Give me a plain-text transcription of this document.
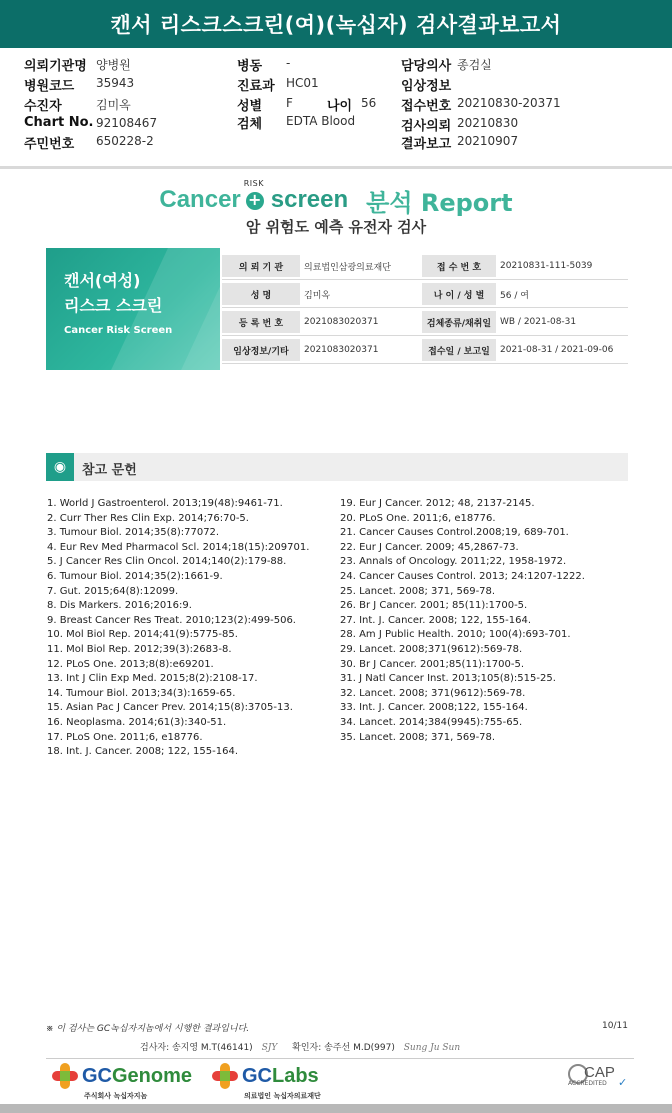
캔서 리스크스크린(여)(녹십자) 검사결과보고서
의뢰기관명 양병원
병원코드 35943
수진자	김미옥
Chart No. 92108467
주민번호 650228-2
병동 -
진료과 HC01
성별 F	나이 56
검체 EDTA Blood
담당의사 종검실
임상정보
접수번호 20210830-20371
검사의뢰 20210830
결과보고 20210907
Cancer
RISK
+ screen 분석 Report
암 위험도 예측 유전자 검사
캔서(여성)
리스크 스크린
Cancer Risk Screen
의 뢰 기 관	의료법인삼광의료재단	접 수 번 호	20210831-111-5039
성 명	김미옥	나 이 / 성 별	56 / 여
등 록 번 호	2021083020371	검체종류/채취일 WB / 2021-08-31
임상정보/기타	2021083020371	접수일 / 보고일	2021-08-31 / 2021-09-06
◉ 참고 문헌
1. World J Gastroenterol. 2013;19(48):9461-71.
2. Curr Ther Res Clin Exp. 2014;76:70-5.
3. Tumour Biol. 2014;35(8):77072.
4. Eur Rev Med Pharmacol Scl. 2014;18(15):209701.
5. J Cancer Res Clin Oncol. 2014;140(2):179-88.
6. Tumour Biol. 2014;35(2):1661-9.
7. Gut. 2015;64(8):12099.
8. Dis Markers. 2016;2016:9.
9. Breast Cancer Res Treat. 2010;123(2):499-506.
10. Mol Biol Rep. 2014;41(9):5775-85.
11. Mol Biol Rep. 2012;39(3):2683-8.
12. PLoS One. 2013;8(8):e69201.
13. Int J Clin Exp Med. 2015;8(2):2108-17.
14. Tumour Biol. 2013;34(3):1659-65.
15. Asian Pac J Cancer Prev. 2014;15(8):3705-13.
16. Neoplasma. 2014;61(3):340-51.
17. PLoS One. 2011;6, e18776.
18. Int. J. Cancer. 2008; 122, 155-164.
19. Eur J Cancer. 2012; 48, 2137-2145.
20. PLoS One. 2011;6, e18776.
21. Cancer Causes Control.2008;19, 689-701.
22. Eur J Cancer. 2009; 45,2867-73.
23. Annals of Oncology. 2011;22, 1958-1972.
24. Cancer Causes Control. 2013; 24:1207-1222.
25. Lancet. 2008; 371, 569-78.
26. Br J Cancer. 2001; 85(11):1700-5.
27. Int. J. Cancer. 2008; 122, 155-164.
28. Am J Public Health. 2010; 100(4):693-701.
29. Lancet. 2008;371(9612):569-78.
30. Br J Cancer. 2001;85(11):1700-5.
31. J Natl Cancer Inst. 2013;105(8):515-25.
32. Lancet. 2008; 371(9612):569-78.
33. Int. J. Cancer. 2008;122, 155-164.
34. Lancet. 2014;384(9945):755-65.
35. Lancet. 2008; 371, 569-78.
※ 이 검사는 GC녹십자지놈에서 시행한 결과입니다.	10/11
검사자: 송지영 M.T(46141) SJY 확인자: 송주선 M.D(997) Sung Ju Sun
GCGenome
주식회사 녹십자지놈
GCLabs
의료법인 녹십자의료재단
CAP
ACCREDITED ✓
